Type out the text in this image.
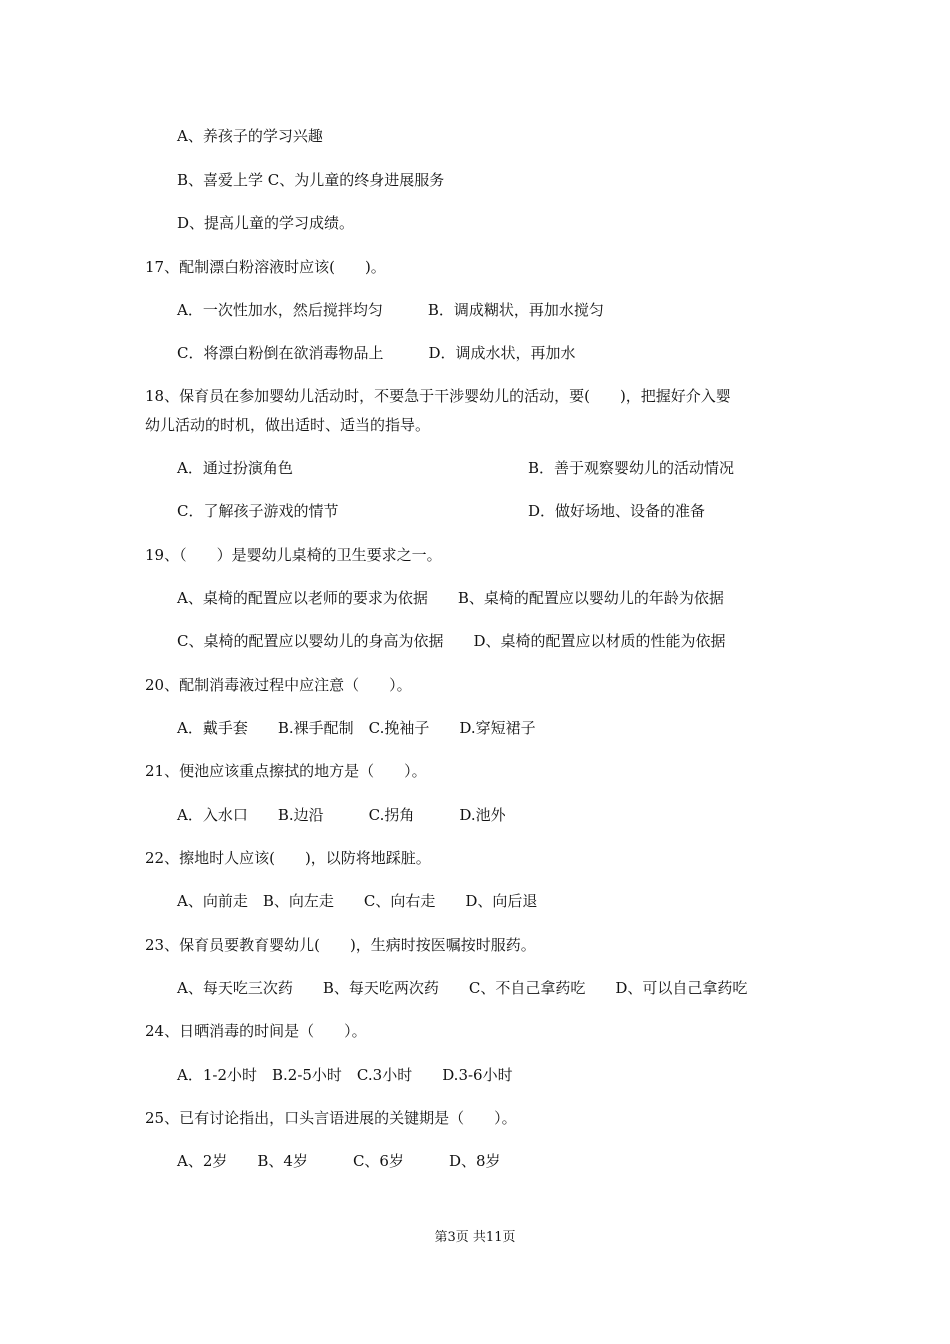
A、养孩子的学习兴趣
B、喜爱上学 C、为儿童的终身进展服务
D、提高儿童的学习成绩。
17、配制漂白粉溶液时应该(　　)。
A．一次性加水，然后搅拌均匀　　　B．调成糊状，再加水搅匀
C．将漂白粉倒在欲消毒物品上　　　D．调成水状，再加水
18、保育员在参加婴幼儿活动时，不要急于干涉婴幼儿的活动，要(　　)，把握好介入婴
幼儿活动的时机，做出适时、适当的指导。
A．通过扮演角色	B．善于观察婴幼儿的活动情况
C．了解孩子游戏的情节	D．做好场地、设备的准备
19、（　　）是婴幼儿桌椅的卫生要求之一。
A、桌椅的配置应以老师的要求为依据　　B、桌椅的配置应以婴幼儿的年龄为依据
C、桌椅的配置应以婴幼儿的身高为依据　　D、桌椅的配置应以材质的性能为依据
20、配制消毒液过程中应注意（　　）。
A．戴手套　　B.裸手配制　C.挽袖子　　D.穿短裙子
21、便池应该重点擦拭的地方是（　　）。
A．入水口　　B.边沿　　　C.拐角　　　D.池外
22、擦地时人应该(　　)，以防将地踩脏。
A、向前走　B、向左走　　C、向右走　　D、向后退
23、保育员要教育婴幼儿(　　)，生病时按医嘱按时服药。
A、每天吃三次药　　B、每天吃两次药　　C、不自己拿药吃　　D、可以自己拿药吃
24、日晒消毒的时间是（　　）。
A．1-2小时　B.2-5小时　C.3小时　　D.3-6小时
25、已有讨论指出，口头言语进展的关键期是（　　）。
A、2岁　　B、4岁　　　C、6岁　　　D、8岁
第3页 共11页
